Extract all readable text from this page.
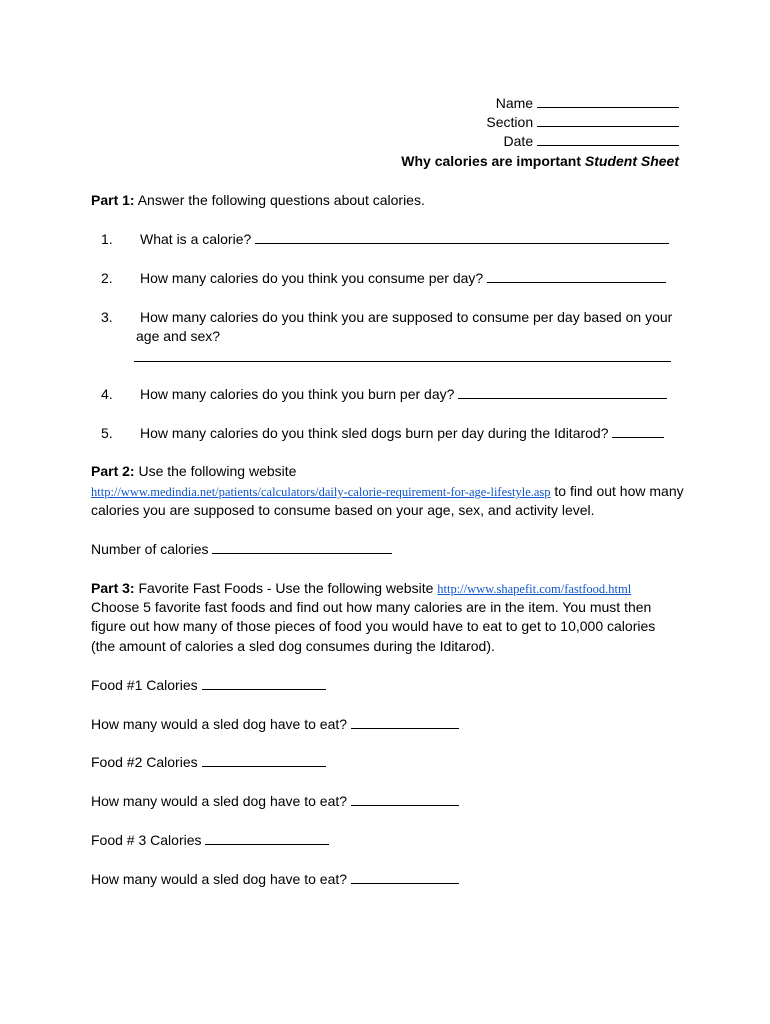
Name
Section
Date
Why calories are important Student Sheet
Part 1: Answer the following questions about calories.
1. What is a calorie?
2. How many calories do you think you consume per day?
3. How many calories do you think you are supposed to consume per day based on your
age and sex?
4. How many calories do you think you burn per day?
5. How many calories do you think sled dogs burn per day during the Iditarod?
Part 2: Use the following website
http://www.medindia.net/patients/calculators/daily-calorie-requirement-for-age-lifestyle.asp to find out how many
calories you are supposed to consume based on your age, sex, and activity level.
Number of calories
Part 3: Favorite Fast Foods - Use the following website http://www.shapefit.com/fastfood.html
Choose 5 favorite fast foods and find out how many calories are in the item. You must then
figure out how many of those pieces of food you would have to eat to get to 10,000 calories
(the amount of calories a sled dog consumes during the Iditarod).
Food #1 Calories
How many would a sled dog have to eat?
Food #2 Calories
How many would a sled dog have to eat?
Food # 3 Calories
How many would a sled dog have to eat?
